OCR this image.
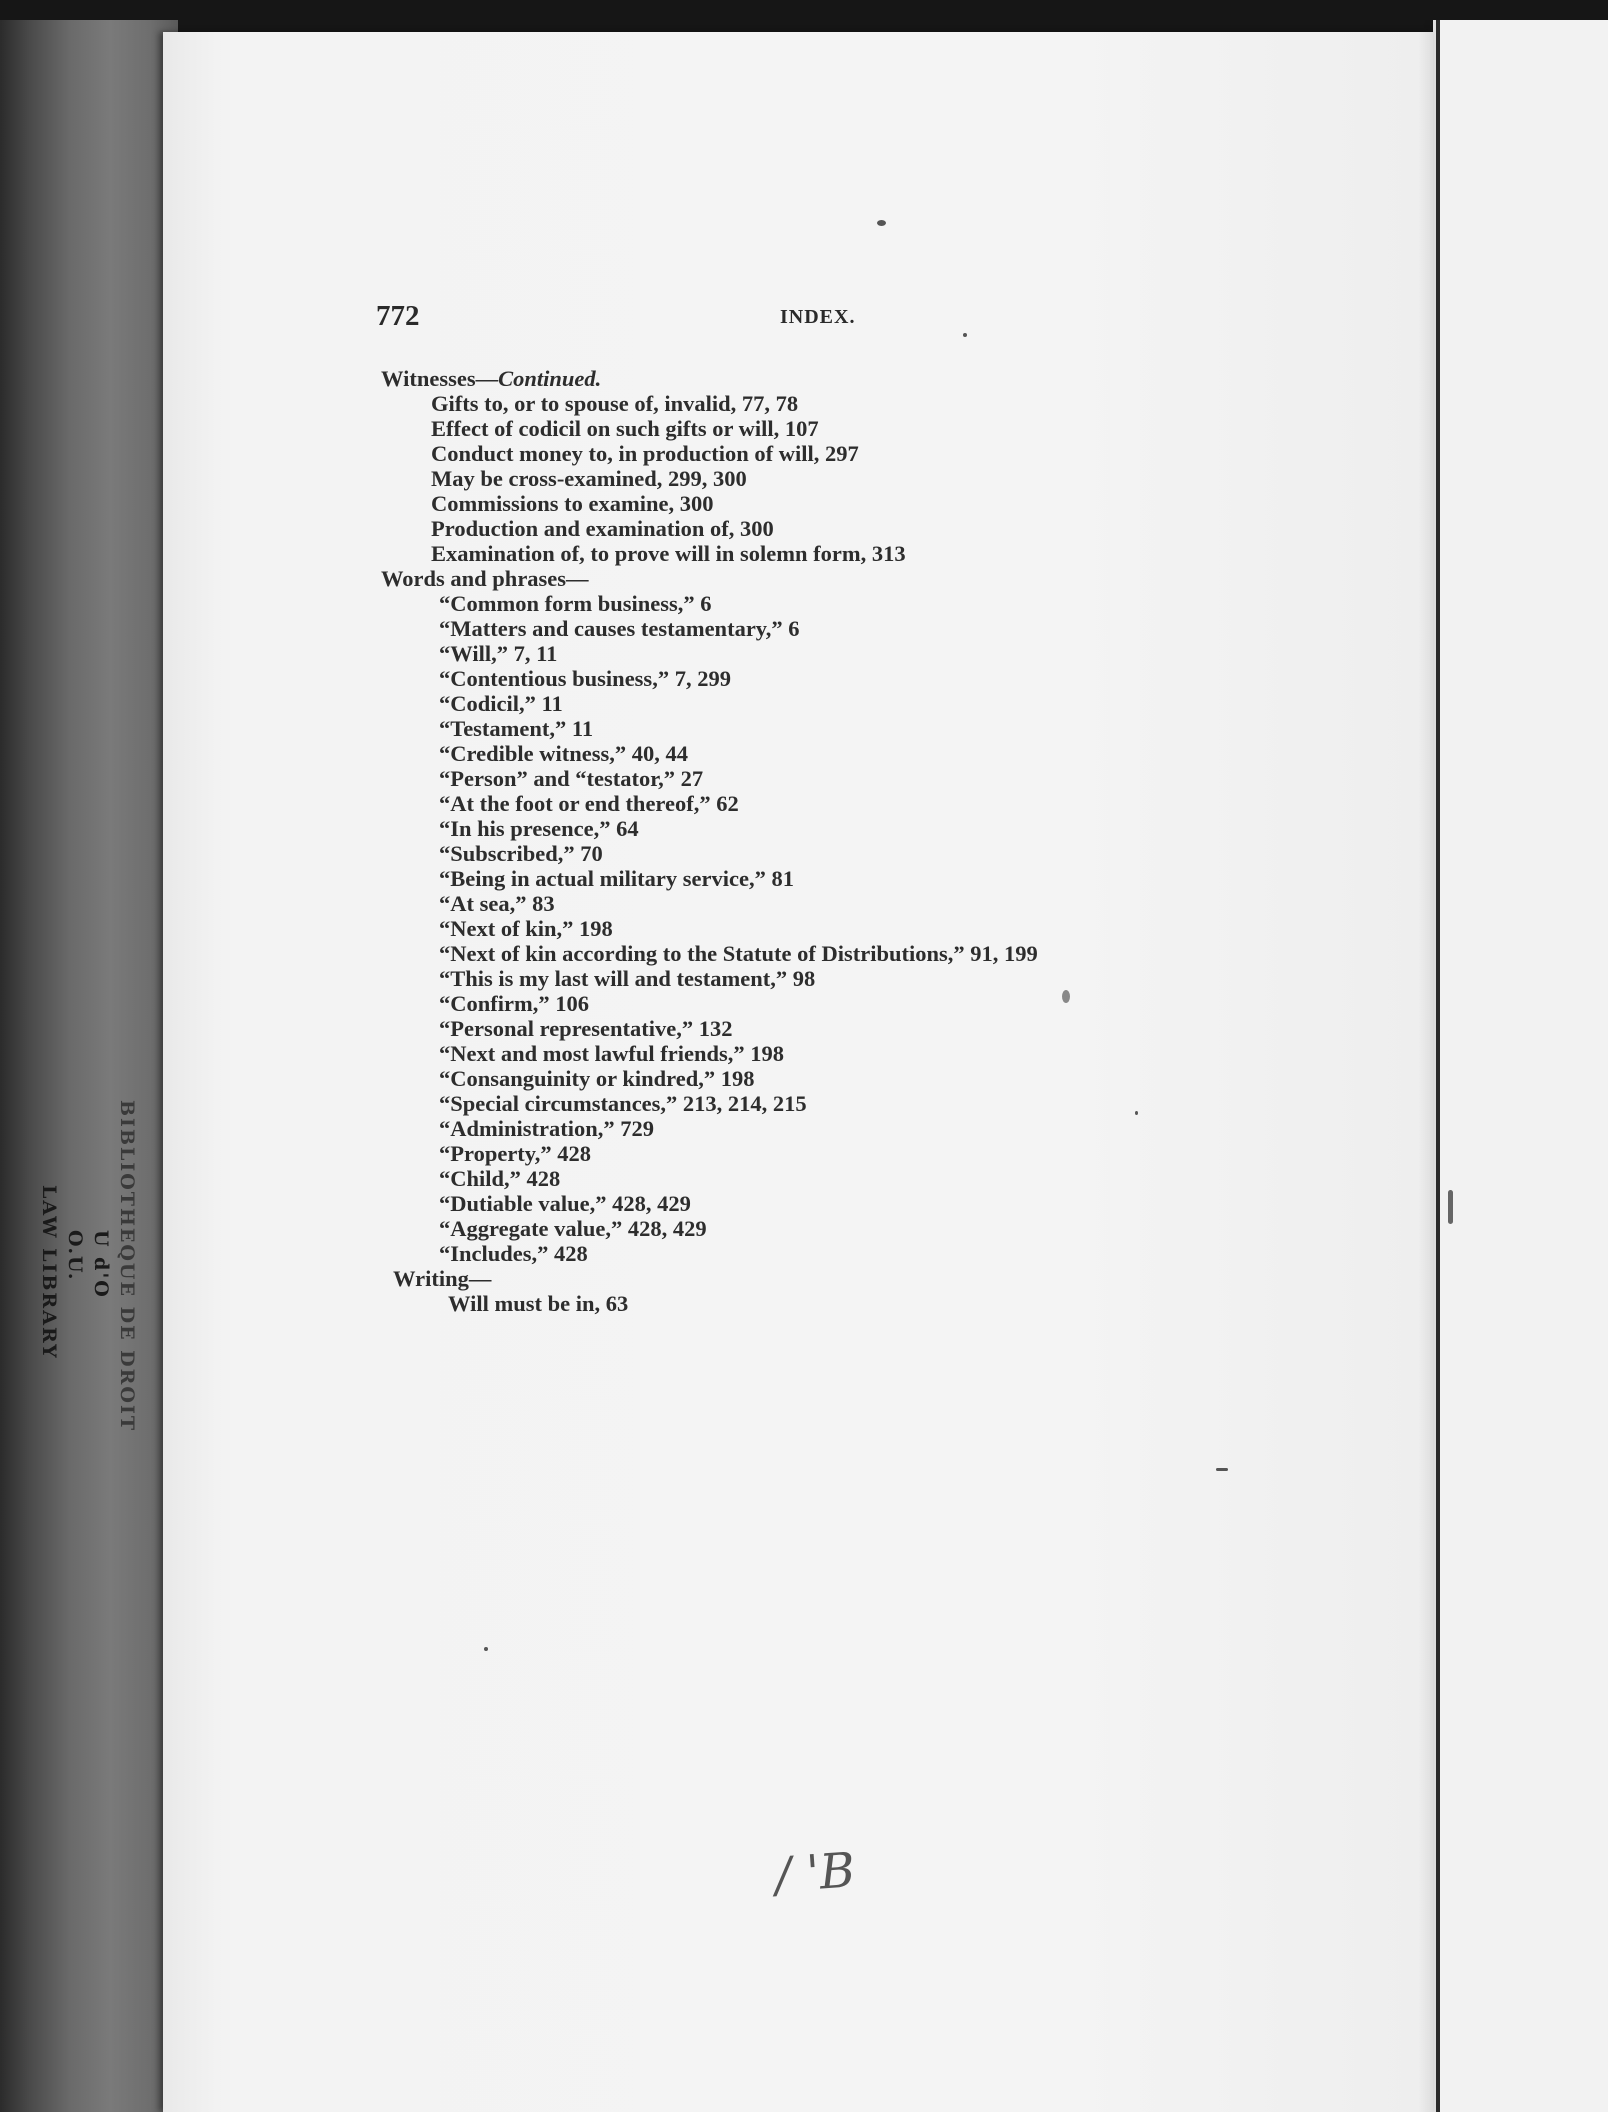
BIBLIOTHEQUE DE DROIT
U d'O
O.U.
LAW LIBRARY
772	INDEX.
Witnesses—Continued.
Gifts to, or to spouse of, invalid, 77, 78
Effect of codicil on such gifts or will, 107
Conduct money to, in production of will, 297
May be cross-examined, 299, 300
Commissions to examine, 300
Production and examination of, 300
Examination of, to prove will in solemn form, 313
Words and phrases—
“Common form business,” 6
“Matters and causes testamentary,” 6
“Will,” 7, 11
“Contentious business,” 7, 299
“Codicil,” 11
“Testament,” 11
“Credible witness,” 40, 44
“Person” and “testator,” 27
“At the foot or end thereof,” 62
“In his presence,” 64
“Subscribed,” 70
“Being in actual military service,” 81
“At sea,” 83
“Next of kin,” 198
“Next of kin according to the Statute of Distributions,” 91, 199
“This is my last will and testament,” 98
“Confirm,” 106
“Personal representative,” 132
“Next and most lawful friends,” 198
“Consanguinity or kindred,” 198
“Special circumstances,” 213, 214, 215
“Administration,” 729
“Property,” 428
“Child,” 428
“Dutiable value,” 428, 429
“Aggregate value,” 428, 429
“Includes,” 428
Writing—
Will must be in, 63
/ 'B
